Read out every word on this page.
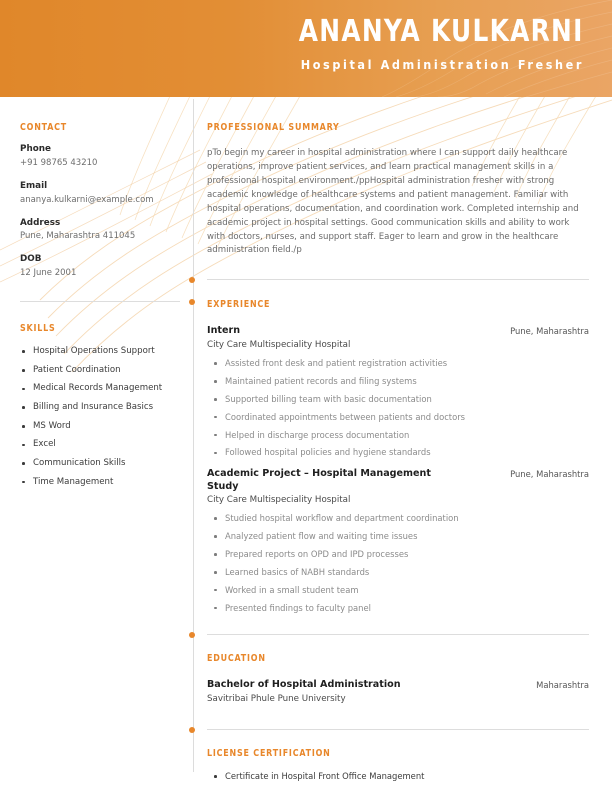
ANANYA KULKARNI
Hospital Administration Fresher
CONTACT
Phone
+91 98765 43210
Email
ananya.kulkarni@example.com
Address
Pune, Maharashtra 411045
DOB
12 June 2001
SKILLS
Hospital Operations Support
Patient Coordination
Medical Records Management
Billing and Insurance Basics
MS Word
Excel
Communication Skills
Time Management
PROFESSIONAL SUMMARY
pTo begin my career in hospital administration where I can support daily healthcare operations, improve patient services, and learn practical management skills in a professional hospital environment./ppHospital administration fresher with strong academic knowledge of healthcare systems and patient management. Familiar with hospital operations, documentation, and coordination work. Completed internship and academic project in hospital settings. Good communication skills and ability to work with doctors, nurses, and support staff. Eager to learn and grow in the healthcare administration field./p
EXPERIENCE
Intern	Pune, Maharashtra
City Care Multispeciality Hospital
Assisted front desk and patient registration activities
Maintained patient records and filing systems
Supported billing team with basic documentation
Coordinated appointments between patients and doctors
Helped in discharge process documentation
Followed hospital policies and hygiene standards
Academic Project – Hospital Management Study
Pune, Maharashtra
City Care Multispeciality Hospital
Studied hospital workflow and department coordination
Analyzed patient flow and waiting time issues
Prepared reports on OPD and IPD processes
Learned basics of NABH standards
Worked in a small student team
Presented findings to faculty panel
EDUCATION
Bachelor of Hospital Administration	Maharashtra
Savitribai Phule Pune University
LICENSE CERTIFICATION
Certificate in Hospital Front Office Management
